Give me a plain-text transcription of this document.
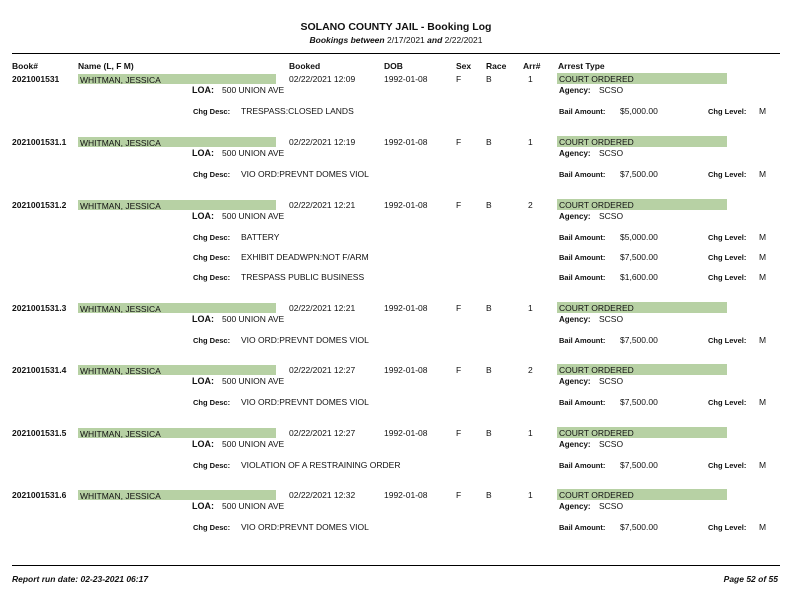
SOLANO COUNTY JAIL - Booking Log
Bookings between 2/17/2021 and 2/22/2021
Book#	Name (L, F M)	Booked	DOB	Sex Race Arr# Arrest Type
2021001531 WHITMAN, JESSICA	02/22/2021 12:09	1992-01-08	F	B	1	COURT ORDERED
LOA: 500 UNION AVE	Agency: SCSO
Chg Desc: TRESPASS:CLOSED LANDS	Bail Amount: $5,000.00	Chg Level: M
2021001531.1 WHITMAN, JESSICA	02/22/2021 12:19	1992-01-08	F	B	1	COURT ORDERED
LOA: 500 UNION AVE	Agency: SCSO
Chg Desc: VIO ORD:PREVNT DOMES VIOL	Bail Amount: $7,500.00	Chg Level: M
2021001531.2 WHITMAN, JESSICA	02/22/2021 12:21	1992-01-08	F	B	2	COURT ORDERED
LOA: 500 UNION AVE	Agency: SCSO
Chg Desc: BATTERY	Bail Amount: $5,000.00	Chg Level: M
Chg Desc: EXHIBIT DEADWPN:NOT F/ARM	Bail Amount: $7,500.00	Chg Level: M
Chg Desc: TRESPASS PUBLIC BUSINESS	Bail Amount: $1,600.00	Chg Level: M
2021001531.3 WHITMAN, JESSICA	02/22/2021 12:21	1992-01-08	F	B	1	COURT ORDERED
LOA: 500 UNION AVE	Agency: SCSO
Chg Desc: VIO ORD:PREVNT DOMES VIOL	Bail Amount: $7,500.00	Chg Level: M
2021001531.4 WHITMAN, JESSICA	02/22/2021 12:27	1992-01-08	F	B	2	COURT ORDERED
LOA: 500 UNION AVE	Agency: SCSO
Chg Desc: VIO ORD:PREVNT DOMES VIOL	Bail Amount: $7,500.00	Chg Level: M
2021001531.5 WHITMAN, JESSICA	02/22/2021 12:27	1992-01-08	F	B	1	COURT ORDERED
LOA: 500 UNION AVE	Agency: SCSO
Chg Desc: VIOLATION OF A RESTRAINING ORDER	Bail Amount: $7,500.00	Chg Level: M
2021001531.6 WHITMAN, JESSICA	02/22/2021 12:32	1992-01-08	F	B	1	COURT ORDERED
LOA: 500 UNION AVE	Agency: SCSO
Chg Desc: VIO ORD:PREVNT DOMES VIOL	Bail Amount: $7,500.00	Chg Level: M
Report run date: 02-23-2021 06:17	Page 52 of 55
